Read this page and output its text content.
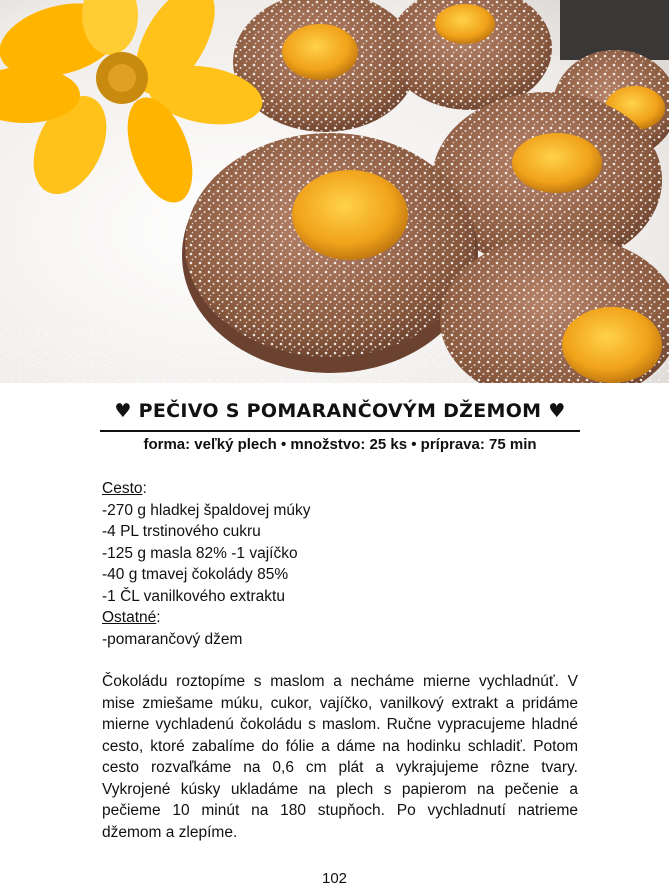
♥ PEČIVO S POMARANČOVÝM DŽEMOM ♥
forma: veľký plech • množstvo: 25 ks • príprava: 75 min
Cesto:
-270 g hladkej špaldovej múky
-4 PL trstinového cukru
-125 g masla 82% -1 vajíčko
-40 g tmavej čokolády 85%
-1 ČL vanilkového extraktu
Ostatné:
-pomarančový džem
Čokoládu roztopíme s maslom a necháme mierne vychladnúť. V mise zmiešame múku, cukor, vajíčko, vanilkový extrakt a pridáme mierne vychladenú čokoládu s maslom. Ručne vypracujeme hladné cesto, ktoré zabalíme do fólie a dáme na hodinku schladiť. Potom cesto rozvaľkáme na 0,6 cm plát a vykrajujeme rôzne tvary. Vykrojené kúsky ukladáme na plech s papierom na pečenie a pečieme 10 minút na 180 stupňoch. Po vychladnutí natrieme džemom a zlepíme.
102
